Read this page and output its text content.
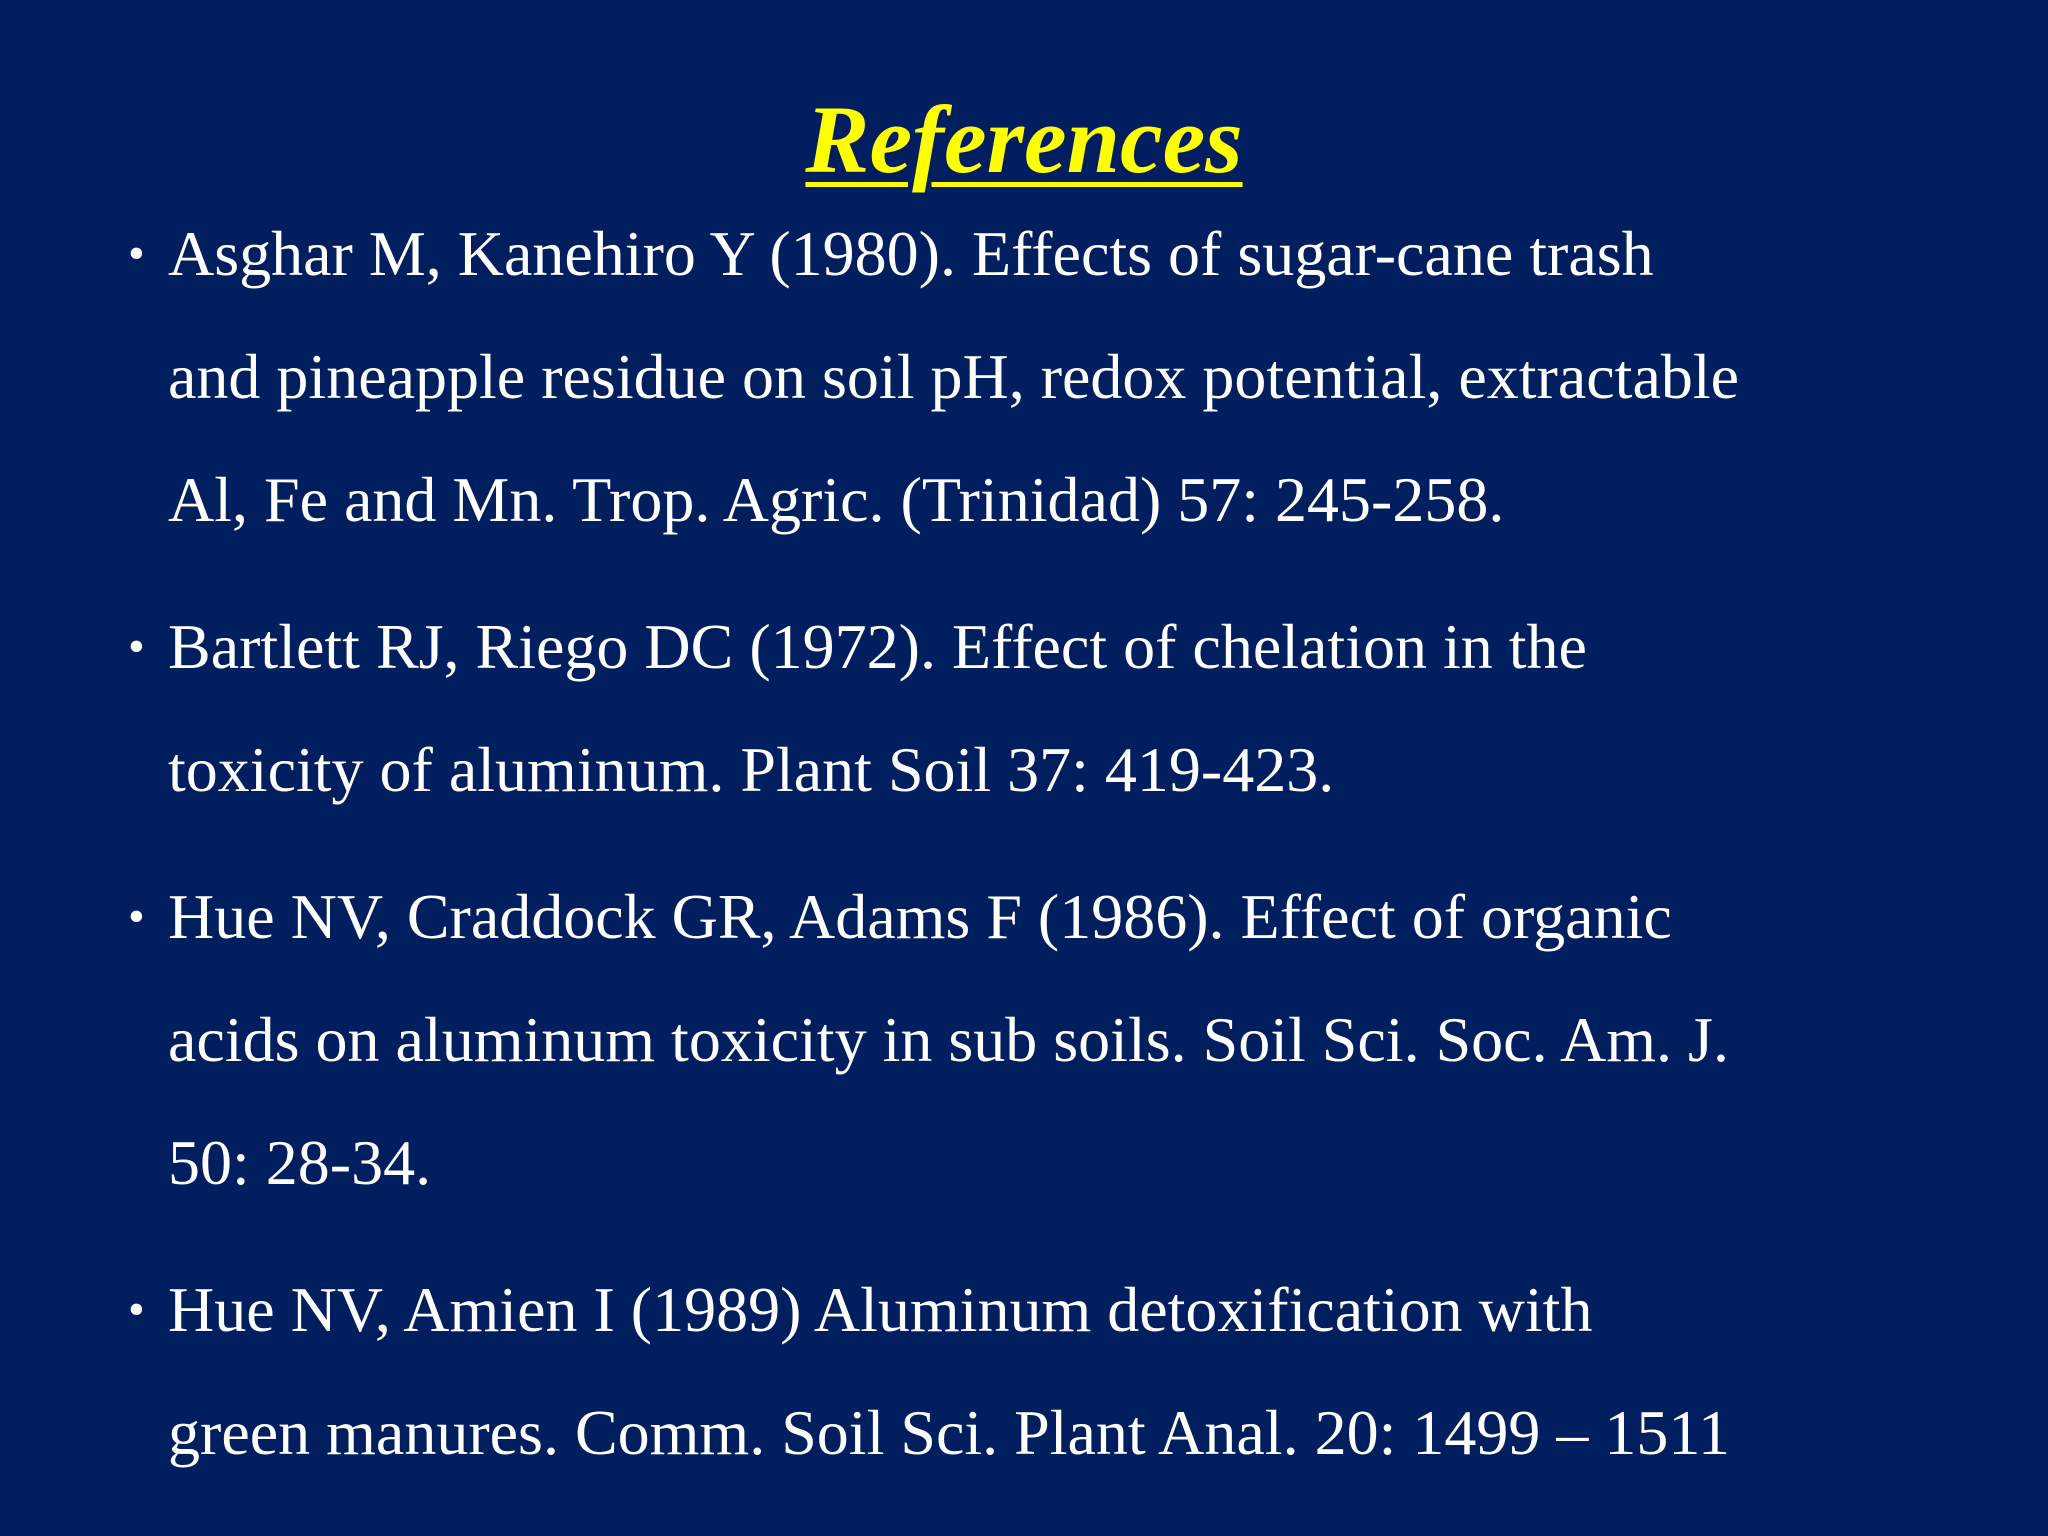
References
• Asghar M, Kanehiro Y (1980). Effects of sugar-cane trash
and pineapple residue on soil pH, redox potential, extractable
Al, Fe and Mn. Trop. Agric. (Trinidad) 57: 245-258.
• Bartlett RJ, Riego DC (1972). Effect of chelation in the
toxicity of aluminum. Plant Soil 37: 419-423.
• Hue NV, Craddock GR, Adams F (1986). Effect of organic
acids on aluminum toxicity in sub soils. Soil Sci. Soc. Am. J.
50: 28-34.
• Hue NV, Amien I (1989) Aluminum detoxification with
green manures. Comm. Soil Sci. Plant Anal. 20: 1499 – 1511
